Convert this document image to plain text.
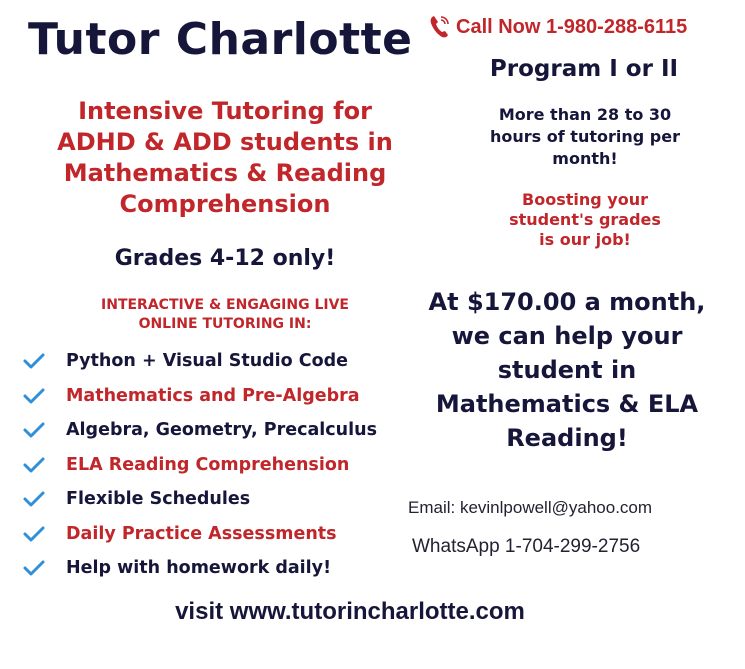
Tutor Charlotte Call Now 1-980-288-6115
Program I or II
More than 28 to 30
hours of tutoring per
month!
Boosting your
student's grades
is our job!
Intensive Tutoring for
ADHD & ADD students in
Mathematics & Reading
Comprehension
Grades 4-12 only!
INTERACTIVE & ENGAGING LIVE
ONLINE TUTORING IN:
At $170.00 a month,
we can help your
student in
Mathematics & ELA
Reading!
Python + Visual Studio Code
Mathematics and Pre-Algebra
Algebra, Geometry, Precalculus
ELA Reading Comprehension
Flexible Schedules
Daily Practice Assessments
Help with homework daily!
Email: kevinlpowell@yahoo.com
WhatsApp 1-704-299-2756
visit www.tutorincharlotte.com
